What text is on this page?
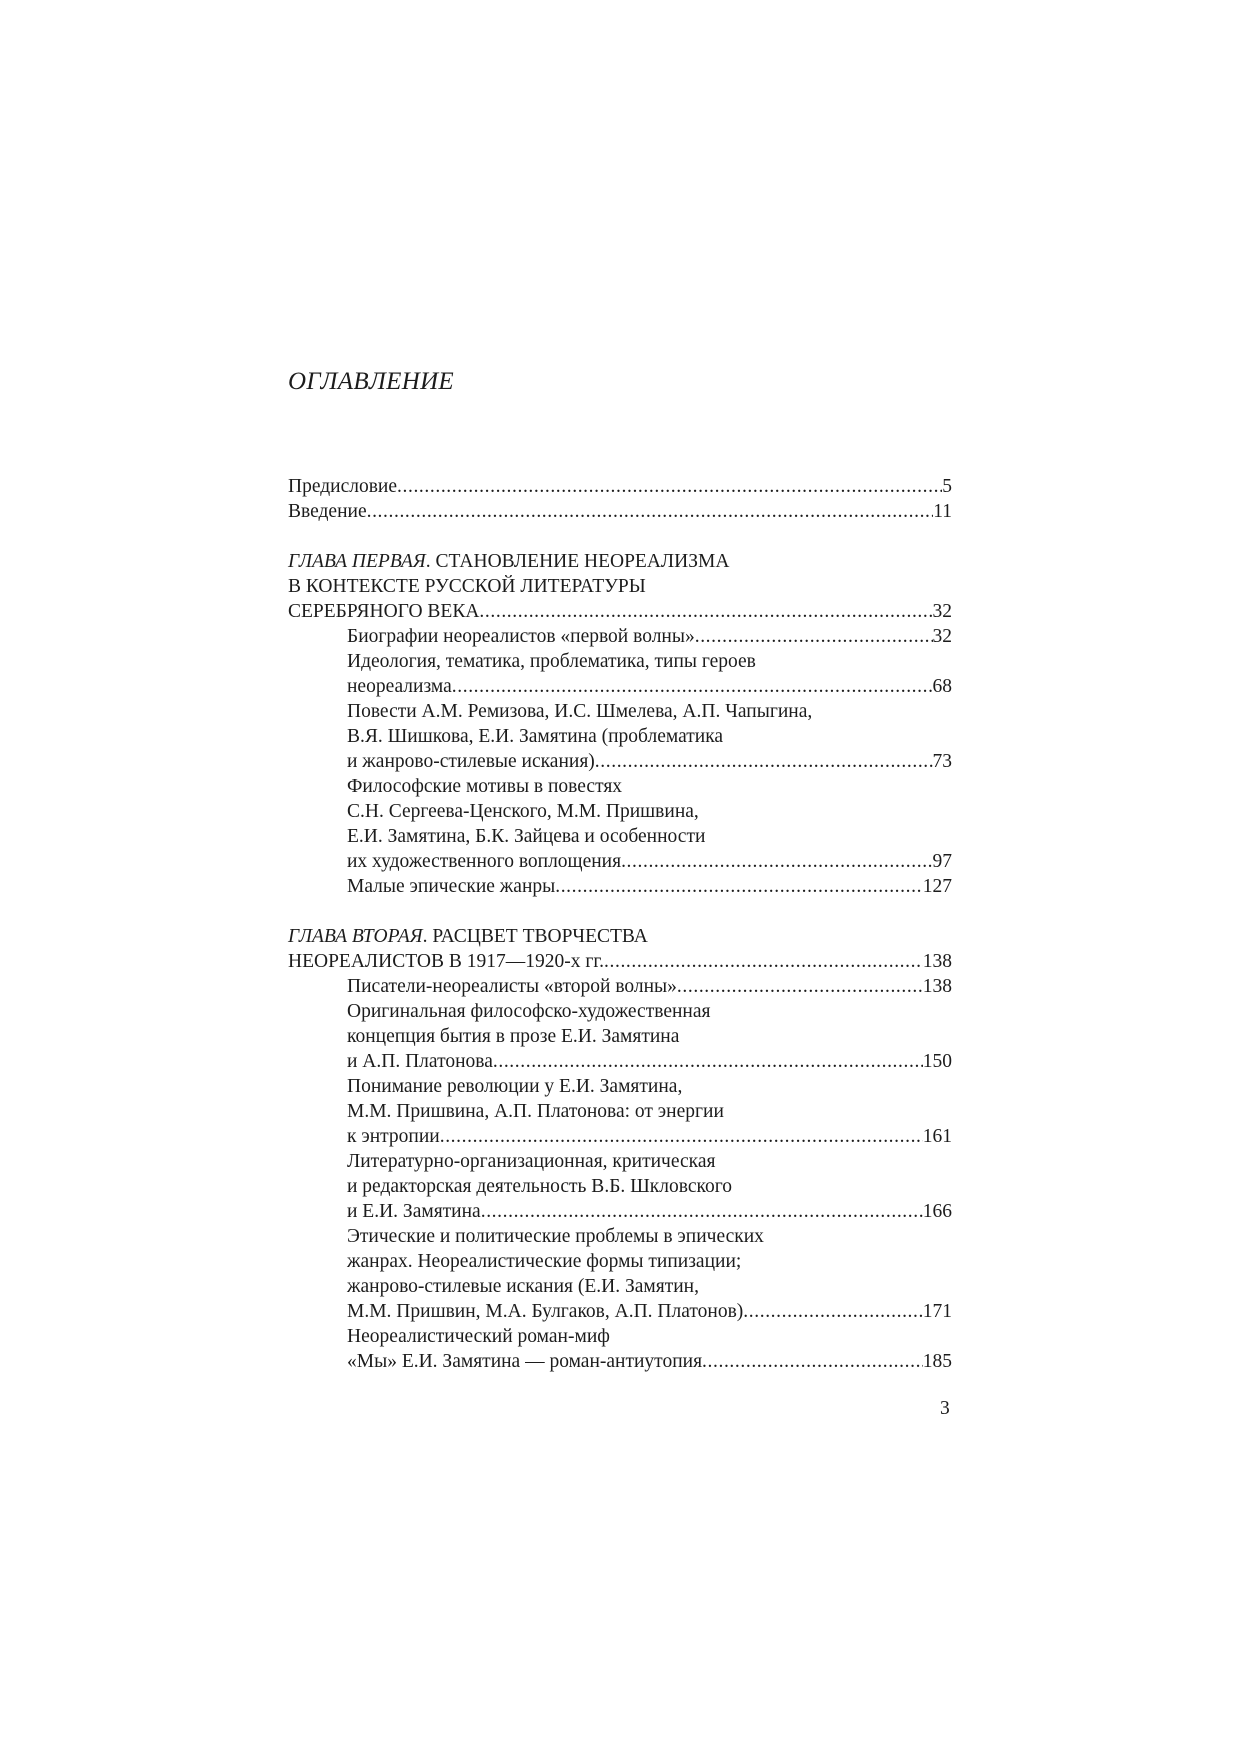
ОГЛАВЛЕНИЕ
Предисловие .....	5
Введение .....	11
ГЛАВА ПЕРВАЯ. СТАНОВЛЕНИЕ НЕОРЕАЛИЗМА
В КОНТЕКСТЕ РУССКОЙ ЛИТЕРАТУРЫ
СЕРЕБРЯНОГО ВЕКА .....	32
Биографии неореалистов «первой волны» .....	32
Идеология, тематика, проблематика, типы героев
неореализма .....	68
Повести А.М. Ремизова, И.С. Шмелева, А.П. Чапыгина,
В.Я. Шишкова, Е.И. Замятина (проблематика
и жанрово-стилевые искания) .....	73
Философские мотивы в повестях
С.Н. Сергеева-Ценского, М.М. Пришвина,
Е.И. Замятина, Б.К. Зайцева и особенности
их художественного воплощения .....	97
Малые эпические жанры .....	127
ГЛАВА ВТОРАЯ. РАСЦВЕТ ТВОРЧЕСТВА
НЕОРЕАЛИСТОВ В 1917—1920-х гг. .....	138
Писатели-неореалисты «второй волны» .....	138
Оригинальная философско-художественная
концепция бытия в прозе Е.И. Замятина
и А.П. Платонова .....	150
Понимание революции у Е.И. Замятина,
М.М. Пришвина, А.П. Платонова: от энергии
к энтропии .....	161
Литературно-организационная, критическая
и редакторская деятельность В.Б. Шкловского
и Е.И. Замятина .....	166
Этические и политические проблемы в эпических
жанрах. Неореалистические формы типизации;
жанрово-стилевые искания (Е.И. Замятин,
М.М. Пришвин, М.А. Булгаков, А.П. Платонов) .....	171
Неореалистический роман-миф
«Мы» Е.И. Замятина — роман-антиутопия .....	185
3
